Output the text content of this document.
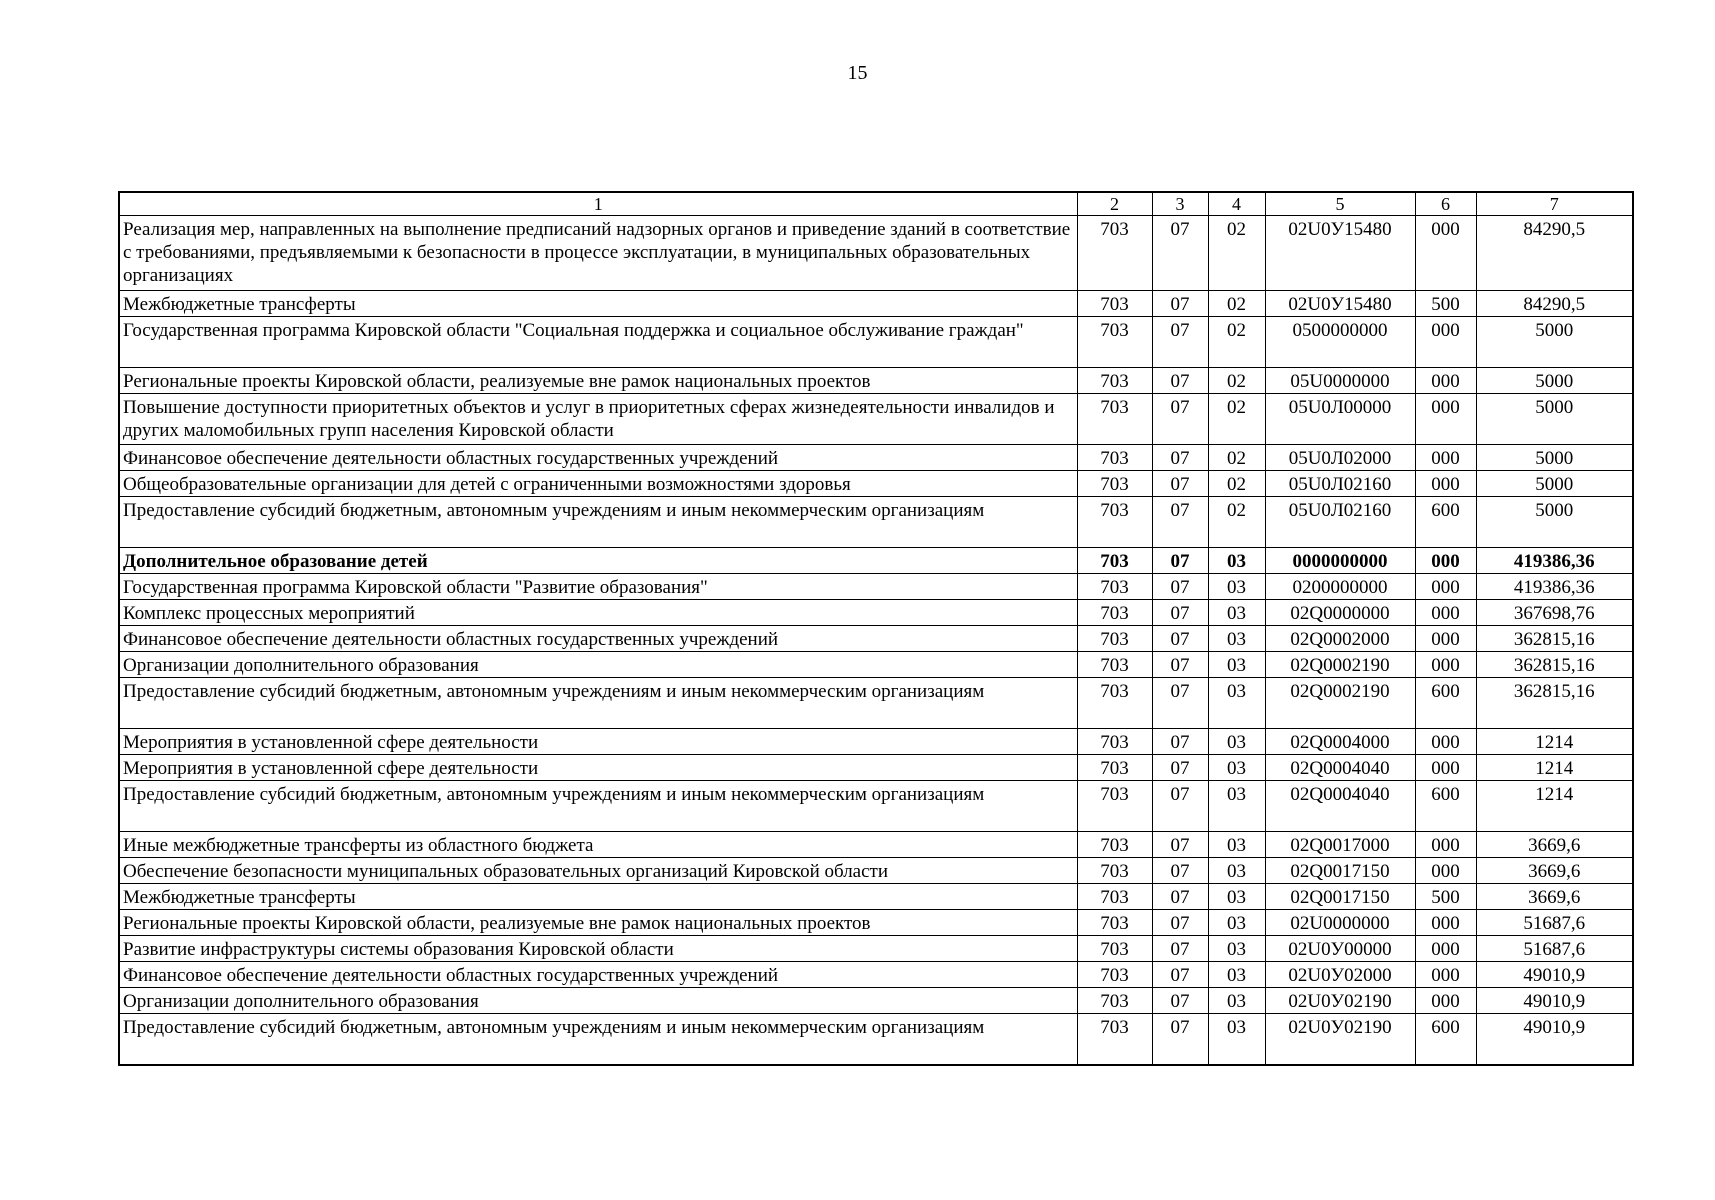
15
1	2	3	4	5	6	7
Реализация мер, направленных на выполнение предписаний надзорных органов и приведение зданий в соответствие с требованиями, предъявляемыми к безопасности в процессе эксплуатации, в муниципальных образовательных организациях	703	07	02	02U0У15480	000	84290,5
Межбюджетные трансферты	703	07	02	02U0У15480	500	84290,5
Государственная программа Кировской области "Социальная поддержка и социальное обслуживание граждан"	703	07	02	0500000000	000	5000
Региональные проекты Кировской области, реализуемые вне рамок национальных проектов	703	07	02	05U0000000	000	5000
Повышение доступности приоритетных объектов и услуг в приоритетных сферах жизнедеятельности инвалидов и других маломобильных групп населения Кировской области	703	07	02	05U0Л00000	000	5000
Финансовое обеспечение деятельности областных государственных учреждений	703	07	02	05U0Л02000	000	5000
Общеобразовательные организации для детей с ограниченными возможностями здоровья	703	07	02	05U0Л02160	000	5000
Предоставление субсидий бюджетным, автономным учреждениям и иным некоммерческим организациям	703	07	02	05U0Л02160	600	5000
Дополнительное образование детей	703	07	03	0000000000	000	419386,36
Государственная программа Кировской области "Развитие образования"	703	07	03	0200000000	000	419386,36
Комплекс процессных мероприятий	703	07	03	02Q0000000	000	367698,76
Финансовое обеспечение деятельности областных государственных учреждений	703	07	03	02Q0002000	000	362815,16
Организации дополнительного образования	703	07	03	02Q0002190	000	362815,16
Предоставление субсидий бюджетным, автономным учреждениям и иным некоммерческим организациям	703	07	03	02Q0002190	600	362815,16
Мероприятия в установленной сфере деятельности	703	07	03	02Q0004000	000	1214
Мероприятия в установленной сфере деятельности	703	07	03	02Q0004040	000	1214
Предоставление субсидий бюджетным, автономным учреждениям и иным некоммерческим организациям	703	07	03	02Q0004040	600	1214
Иные межбюджетные трансферты из областного бюджета	703	07	03	02Q0017000	000	3669,6
Обеспечение безопасности муниципальных образовательных организаций Кировской области	703	07	03	02Q0017150	000	3669,6
Межбюджетные трансферты	703	07	03	02Q0017150	500	3669,6
Региональные проекты Кировской области, реализуемые вне рамок национальных проектов	703	07	03	02U0000000	000	51687,6
Развитие инфраструктуры системы образования Кировской области	703	07	03	02U0У00000	000	51687,6
Финансовое обеспечение деятельности областных государственных учреждений	703	07	03	02U0У02000	000	49010,9
Организации дополнительного образования	703	07	03	02U0У02190	000	49010,9
Предоставление субсидий бюджетным, автономным учреждениям и иным некоммерческим организациям	703	07	03	02U0У02190	600	49010,9
